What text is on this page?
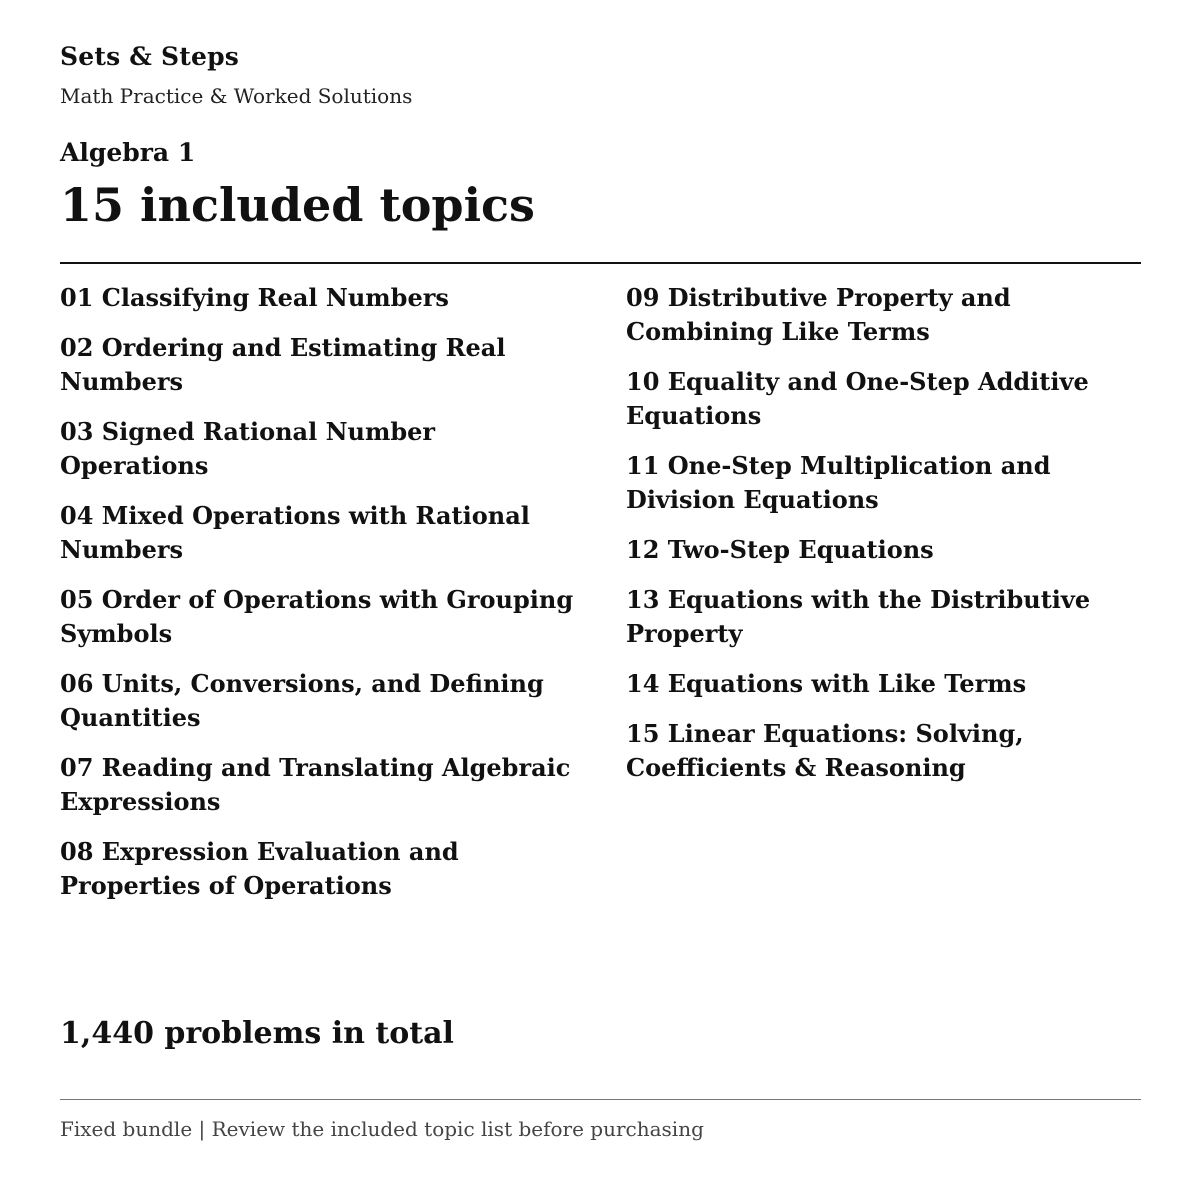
Sets & Steps
Math Practice & Worked Solutions
Algebra 1
15 included topics
01 Classifying Real Numbers
02 Ordering and Estimating Real Numbers
03 Signed Rational Number Operations
04 Mixed Operations with Rational Numbers
05 Order of Operations with Grouping Symbols
06 Units, Conversions, and Defining Quantities
07 Reading and Translating Algebraic Expressions
08 Expression Evaluation and Properties of Operations
09 Distributive Property and Combining Like Terms
10 Equality and One-Step Additive Equations
11 One-Step Multiplication and Division Equations
12 Two-Step Equations
13 Equations with the Distributive Property
14 Equations with Like Terms
15 Linear Equations: Solving, Coefficients & Reasoning
1,440 problems in total
Fixed bundle | Review the included topic list before purchasing
